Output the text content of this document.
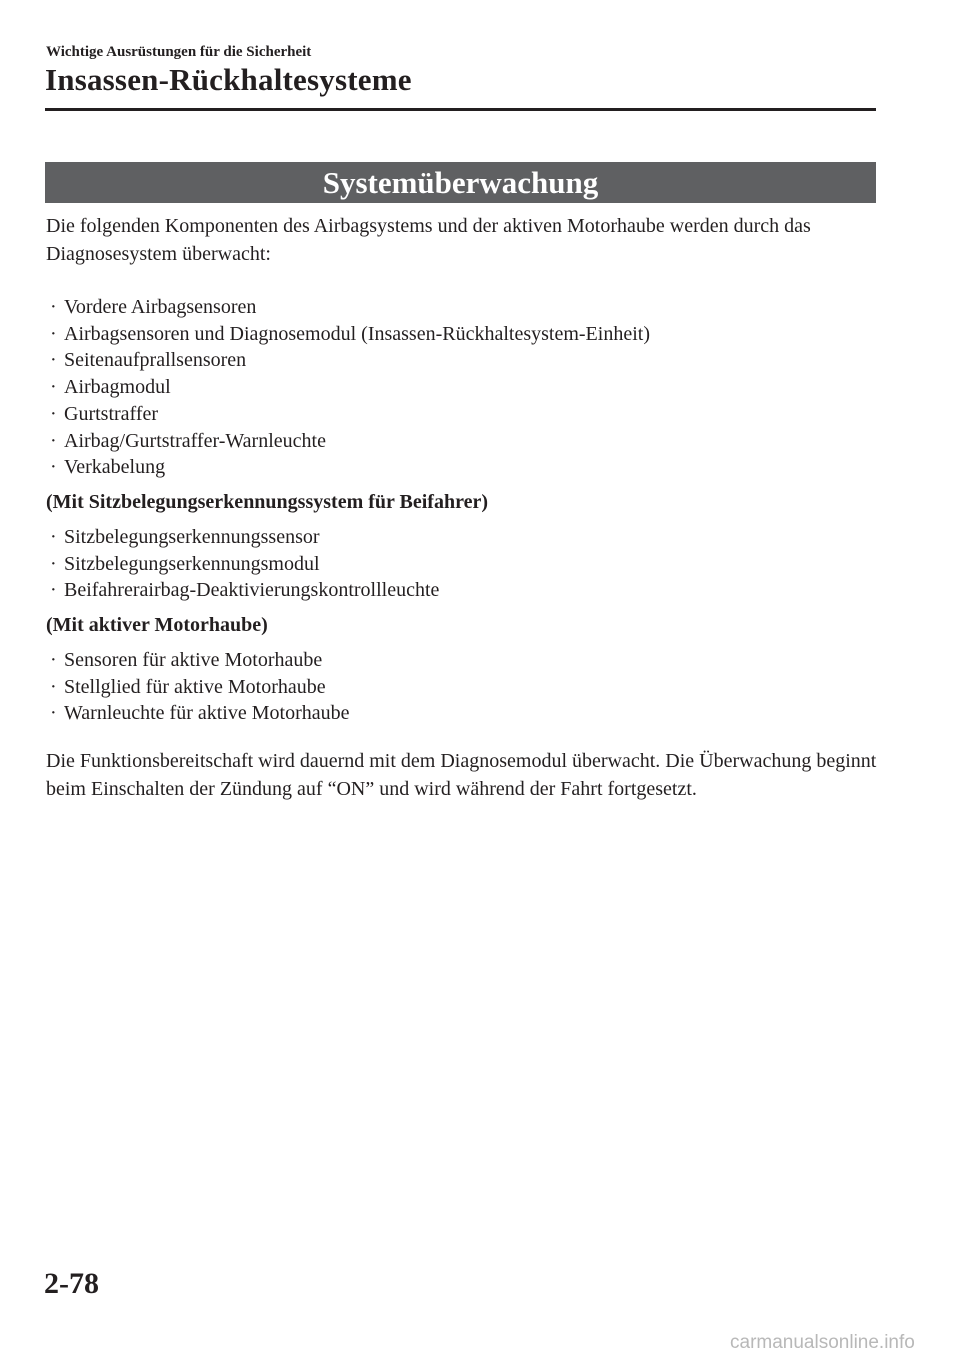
Wichtige Ausrüstungen für die Sicherheit
Insassen-Rückhaltesysteme
Systemüberwachung

Die folgenden Komponenten des Airbagsystems und der aktiven Motorhaube werden durch das Diagnosesystem überwacht:

· Vordere Airbagsensoren
· Airbagsensoren und Diagnosemodul (Insassen-Rückhaltesystem-Einheit)
· Seitenaufprallsensoren
· Airbagmodul
· Gurtstraffer
· Airbag/Gurtstraffer-Warnleuchte
· Verkabelung

(Mit Sitzbelegungserkennungssystem für Beifahrer)

· Sitzbelegungserkennungssensor
· Sitzbelegungserkennungsmodul
· Beifahrerairbag-Deaktivierungskontrollleuchte

(Mit aktiver Motorhaube)

· Sensoren für aktive Motorhaube
· Stellglied für aktive Motorhaube
· Warnleuchte für aktive Motorhaube

Die Funktionsbereitschaft wird dauernd mit dem Diagnosemodul überwacht. Die Überwachung beginnt beim Einschalten der Zündung auf “ON” und wird während der Fahrt fortgesetzt.

2-78
carmanualsonline.info
